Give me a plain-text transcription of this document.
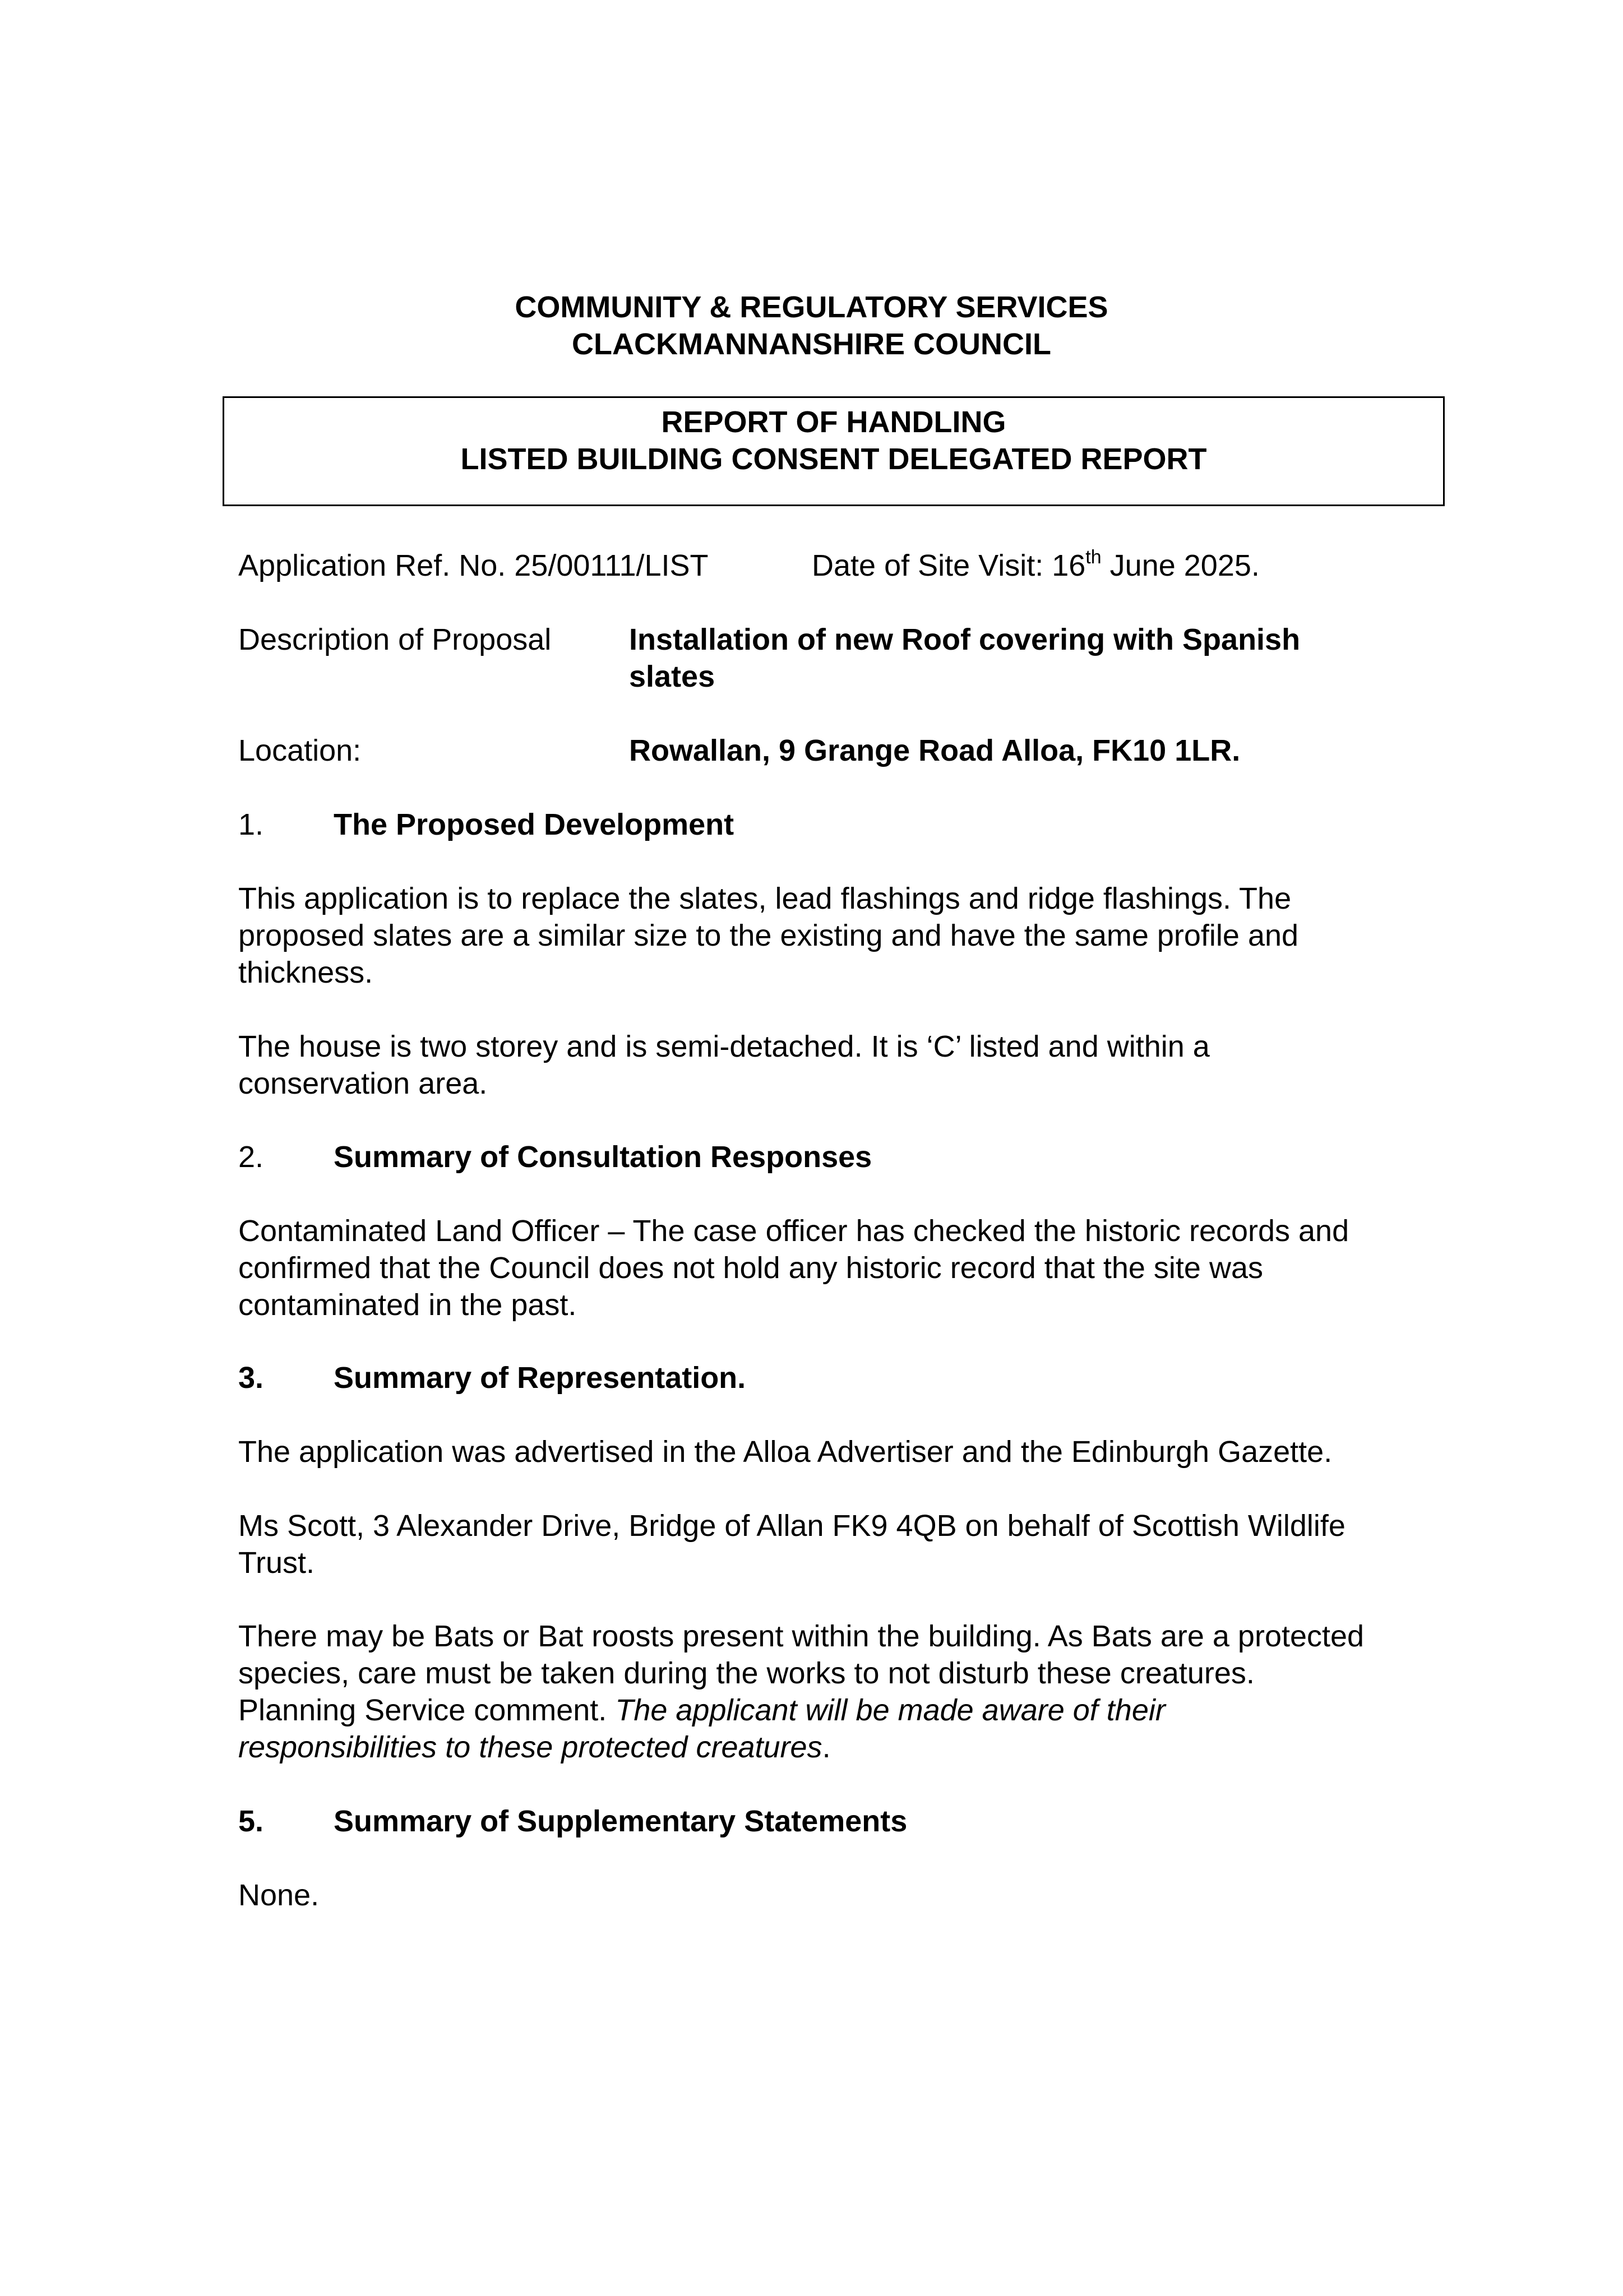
COMMUNITY & REGULATORY SERVICES
CLACKMANNANSHIRE COUNCIL
REPORT OF HANDLING
LISTED BUILDING CONSENT DELEGATED REPORT
Application Ref. No. 25/00111/LIST	Date of Site Visit: 16th June 2025.
Description of Proposal	Installation of new Roof covering with Spanish
slates
Location:	Rowallan, 9 Grange Road Alloa, FK10 1LR.
1. The Proposed Development

This application is to replace the slates, lead flashings and ridge flashings. The

proposed slates are a similar size to the existing and have the same profile and

thickness.

The house is two storey and is semi-detached. It is ‘C’ listed and within a

conservation area.

2. Summary of Consultation Responses

Contaminated Land Officer – The case officer has checked the historic records and

confirmed that the Council does not hold any historic record that the site was

contaminated in the past.

3. Summary of Representation.

The application was advertised in the Alloa Advertiser and the Edinburgh Gazette.

Ms Scott, 3 Alexander Drive, Bridge of Allan FK9 4QB on behalf of Scottish Wildlife

Trust.

There may be Bats or Bat roosts present within the building. As Bats are a protected

species, care must be taken during the works to not disturb these creatures.

Planning Service comment. The applicant will be made aware of their

responsibilities to these protected creatures.

5. Summary of Supplementary Statements

None.
